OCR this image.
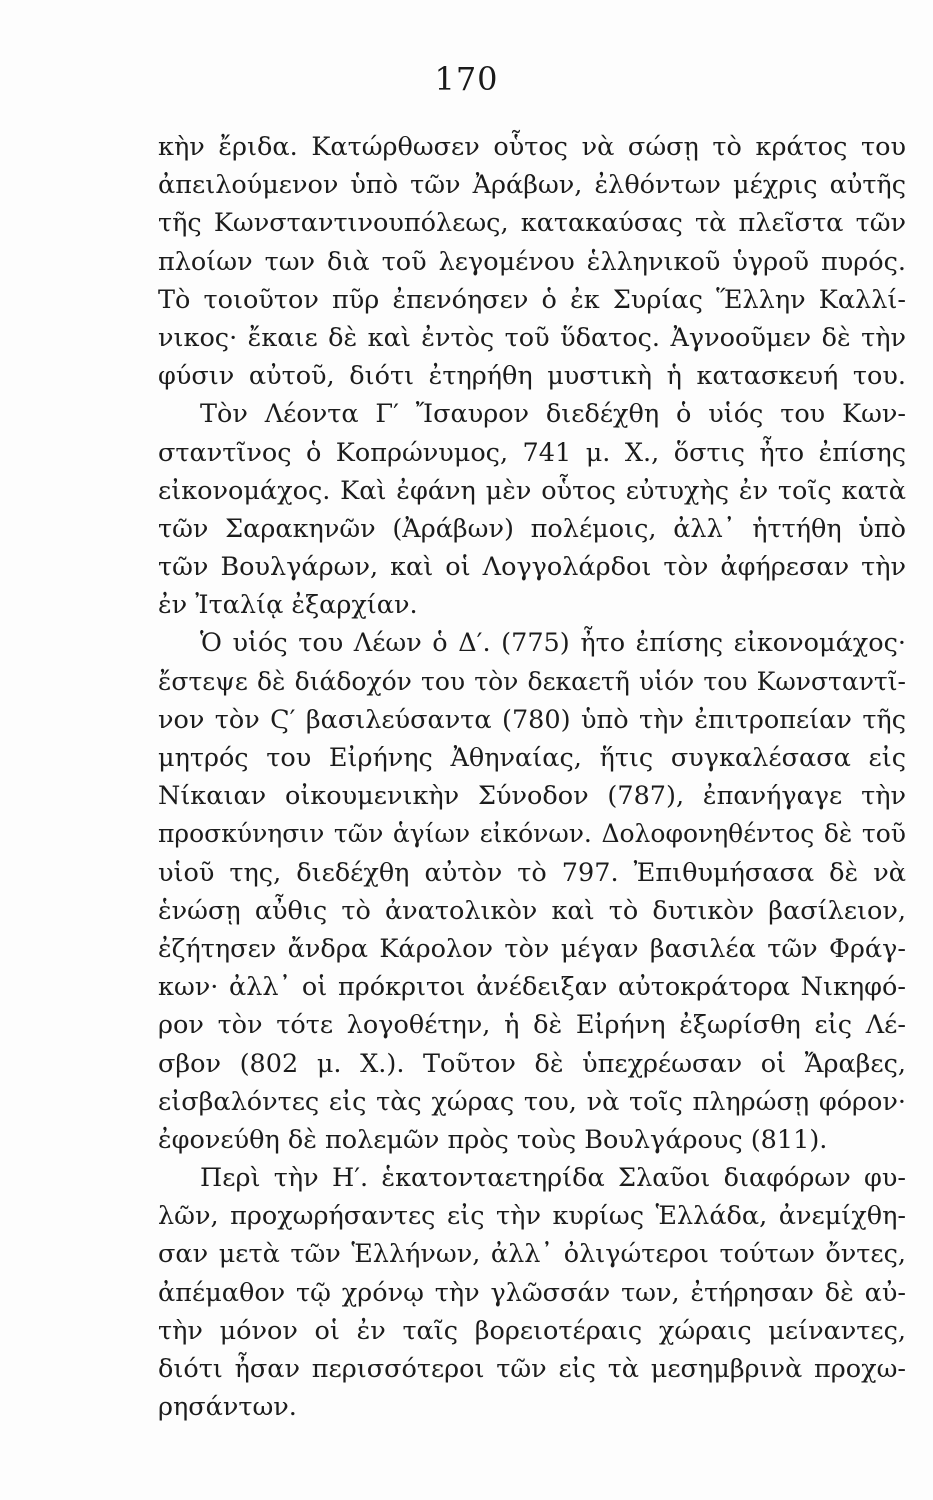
170
κὴν ἔριδα. Κατώρθωσεν οὗτος νὰ σώσῃ τὸ κράτος του
ἀπειλούμενον ὑπὸ τῶν Ἀράβων, ἐλθόντων μέχρις αὐτῆς
τῆς Κωνσταντινουπόλεως, κατακαύσας τὰ πλεῖστα τῶν
πλοίων των διὰ τοῦ λεγομένου ἑλληνικοῦ ὑγροῦ πυρός.
Τὸ τοιοῦτον πῦρ ἐπενόησεν ὁ ἐκ Συρίας Ἕλλην Καλλί-
νικος· ἔκαιε δὲ καὶ ἐντὸς τοῦ ὕδατος. Ἀγνοοῦμεν δὲ τὴν
φύσιν αὐτοῦ, διότι ἐτηρήθη μυστικὴ ἡ κατασκευή του.
Τὸν Λέοντα Γ′ Ἴσαυρον διεδέχθη ὁ υἱός του Κων-
σταντῖνος ὁ Κοπρώνυμος, 741 μ. Χ., ὅστις ἦτο ἐπίσης
εἰκονομάχος. Καὶ ἐφάνη μὲν οὗτος εὐτυχὴς ἐν τοῖς κατὰ
τῶν Σαρακηνῶν (Ἀράβων) πολέμοις, ἀλλ᾽ ἡττήθη ὑπὸ
τῶν Βουλγάρων, καὶ οἱ Λογγολάρδοι τὸν ἀφήρεσαν τὴν
ἐν Ἰταλίᾳ ἐξαρχίαν.
Ὁ υἱός του Λέων ὁ Δ′. (775) ἦτο ἐπίσης εἰκονομάχος·
ἔστεψε δὲ διάδοχόν του τὸν δεκαετῆ υἱόν του Κωνσταντῖ-
νον τὸν Ϛ′ βασιλεύσαντα (780) ὑπὸ τὴν ἐπιτροπείαν τῆς
μητρός του Εἰρήνης Ἀθηναίας, ἥτις συγκαλέσασα εἰς
Νίκαιαν οἰκουμενικὴν Σύνοδον (787), ἐπανήγαγε τὴν
προσκύνησιν τῶν ἁγίων εἰκόνων. Δολοφονηθέντος δὲ τοῦ
υἱοῦ της, διεδέχθη αὐτὸν τὸ 797. Ἐπιθυμήσασα δὲ νὰ
ἑνώσῃ αὖθις τὸ ἀνατολικὸν καὶ τὸ δυτικὸν βασίλειον,
ἐζήτησεν ἄνδρα Κάρολον τὸν μέγαν βασιλέα τῶν Φράγ-
κων· ἀλλ᾽ οἱ πρόκριτοι ἀνέδειξαν αὐτοκράτορα Νικηφό-
ρον τὸν τότε λογοθέτην, ἡ δὲ Εἰρήνη ἐξωρίσθη εἰς Λέ-
σβον (802 μ. Χ.). Τοῦτον δὲ ὑπεχρέωσαν οἱ Ἄραβες,
εἰσβαλόντες εἰς τὰς χώρας του, νὰ τοῖς πληρώσῃ φόρον·
ἐφονεύθη δὲ πολεμῶν πρὸς τοὺς Βουλγάρους (811).
Περὶ τὴν Η′. ἑκατονταετηρίδα Σλαῦοι διαφόρων φυ-
λῶν, προχωρήσαντες εἰς τὴν κυρίως Ἑλλάδα, ἀνεμίχθη-
σαν μετὰ τῶν Ἑλλήνων, ἀλλ᾽ ὀλιγώτεροι τούτων ὄντες,
ἀπέμαθον τῷ χρόνῳ τὴν γλῶσσάν των, ἐτήρησαν δὲ αὐ-
τὴν μόνον οἱ ἐν ταῖς βορειοτέραις χώραις μείναντες,
διότι ἦσαν περισσότεροι τῶν εἰς τὰ μεσημβρινὰ προχω-
ρησάντων.
